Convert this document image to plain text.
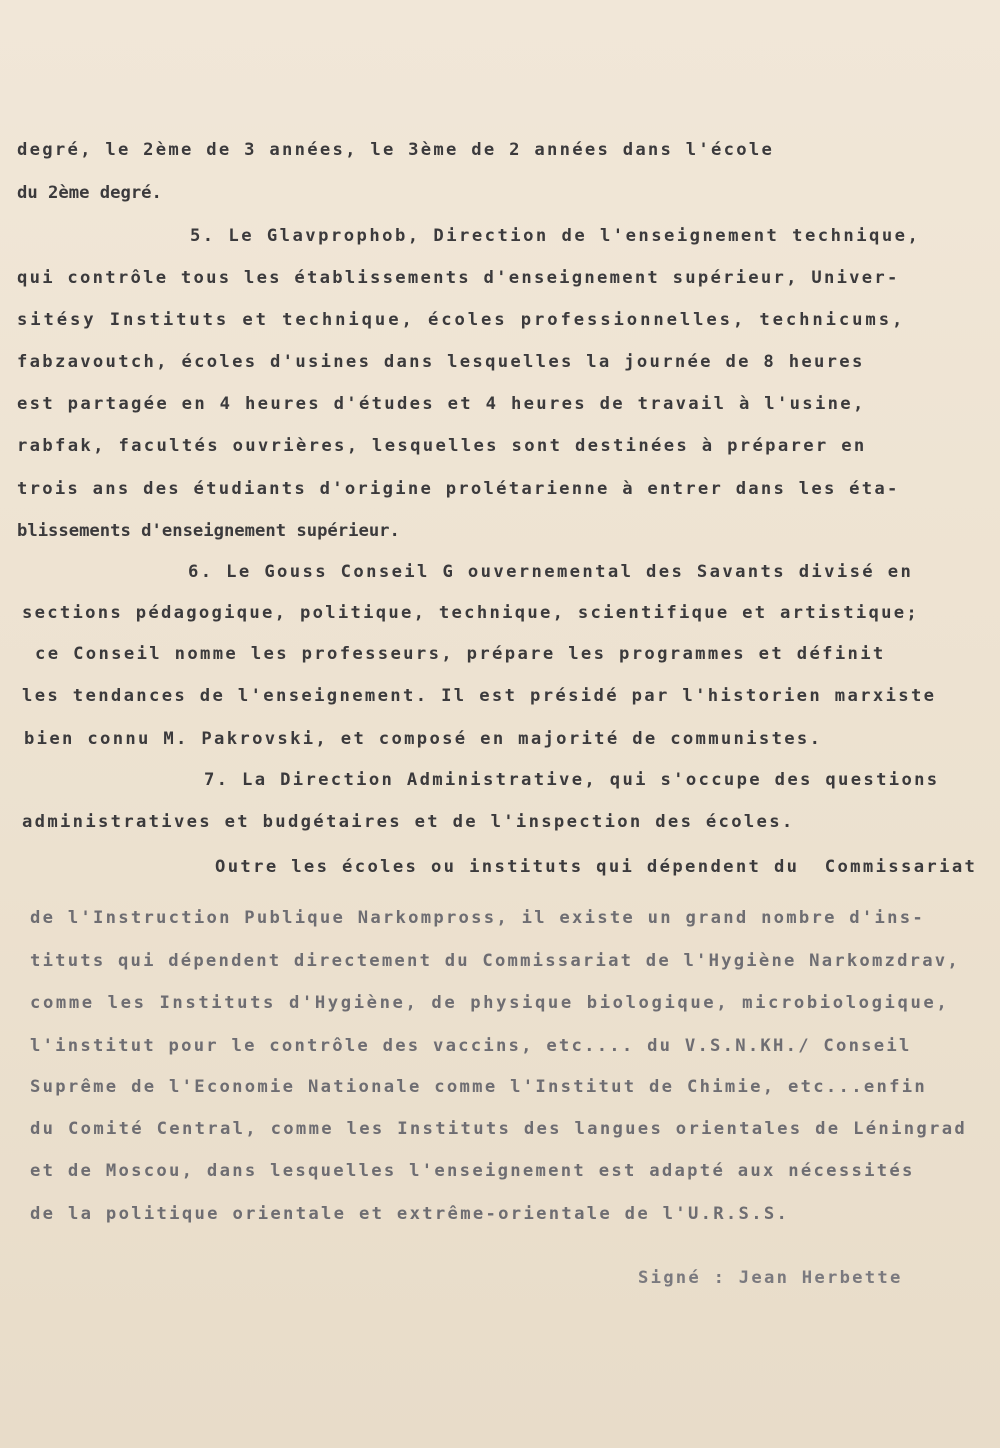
degré, le 2ème de 3 années, le 3ème de 2 années dans l'école
du 2ème degré.
5. Le Glavprophob, Direction de l'enseignement technique,
qui contrôle tous les établissements d'enseignement supérieur, Univer-
sitésy Instituts et technique, écoles professionnelles, technicums,
fabzavoutch, écoles d'usines dans lesquelles la journée de 8 heures
est partagée en 4 heures d'études et 4 heures de travail à l'usine,
rabfak, facultés ouvrières, lesquelles sont destinées à préparer en
trois ans des étudiants d'origine prolétarienne à entrer dans les éta-
blissements d'enseignement supérieur.
6. Le Gouss Conseil G ouvernemental des Savants divisé en
sections pédagogique, politique, technique, scientifique et artistique;
ce Conseil nomme les professeurs, prépare les programmes et définit
les tendances de l'enseignement. Il est présidé par l'historien marxiste
bien connu M. Pakrovski, et composé en majorité de communistes.
7. La Direction Administrative, qui s'occupe des questions
administratives et budgétaires et de l'inspection des écoles.
Outre les écoles ou instituts qui dépendent du  Commissariat
de l'Instruction Publique Narkompross, il existe un grand nombre d'ins-
tituts qui dépendent directement du Commissariat de l'Hygiène Narkomzdrav,
comme les Instituts d'Hygiène, de physique biologique, microbiologique,
l'institut pour le contrôle des vaccins, etc.... du V.S.N.KH./ Conseil
Suprême de l'Economie Nationale comme l'Institut de Chimie, etc...enfin
du Comité Central, comme les Instituts des langues orientales de Léningrad
et de Moscou, dans lesquelles l'enseignement est adapté aux nécessités
de la politique orientale et extrême-orientale de l'U.R.S.S.
Signé : Jean Herbette
